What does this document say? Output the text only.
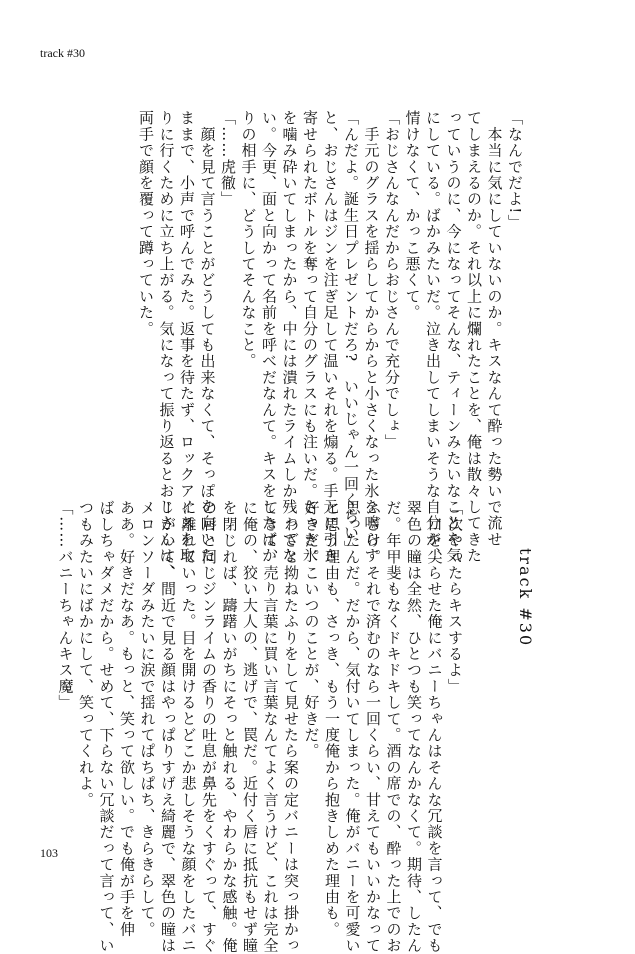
track #30
「なんでだよ!」
　本当に気にしていないのか。キスなんて酔った勢いで流せ
てしまえるのか。それ以上に爛れたことを、俺は散々してきた
っていうのに、今になってそんな、ティーンみたいなことを気
にしている。ばかみたいだ。泣き出してしまいそうな自分が、
情けなくて、かっこ悪くて。
「おじさんなんだからおじさんで充分でしょ」
　手元のグラスを揺らしてからからと小さくなった氷を鳴らす
「んだよ。誕生日プレゼントだろ?　いいじゃん一回くらい」
と、おじさんはジンを注ぎ足して温いそれを煽る。手元に引き
寄せられたボトルを奪って自分のグラスにも注いだ。さっき氷
を噛み砕いてしまったから、中には潰れたライムしか残ってな
い。今更、面と向かって名前を呼べだなんて。キスをしたばか
りの相手に、どうしてそんなこと。
「……虎徹」
　顔を見て言うことがどうしても出来なくて、そっぽを向いた
ままで、小声で呼んでみた。返事を待たず、ロックアイスを取
りに行くために立ち上がる。気になって振り返るとおじさんは、
両手で顔を覆って蹲っていた。
track #30
「次やったらキスするよ」
　口を尖らせた俺にバニーちゃんはそんな冗談を言って、でも
翠色の瞳は全然、ひとつも笑ってなんかなくて。期待、したん
だ。年甲斐もなくドキドキして。酒の席での、酔った上でのお
ふざけ。それで済むのなら一回くらい、甘えてもいいかなって
思ったんだ。だから、気付いてしまった。俺がバニーを可愛い
と思う理由も、さっき、もう一度俺から抱きしめた理由も。
好きだ。こいつのことが、好きだ。
　わざと拗ねたふりをして見せたら案の定バニーは突っ掛かっ
てきて、売り言葉に買い言葉なんてよく言うけど、これは完全
に俺の、狡い大人の、逃げで、罠だ。近付く唇に抵抗もせず瞳
を閉じれば、躊躇いがちにそっと触れる、やわらかな感触。俺
の唇と同じジンライムの香りの吐息が鼻先をくすぐって、すぐ
に離れていった。目を開けるとどこか悲しそうな顔をしたバニ
ーがいて、間近で見る顔はやっぱりすげえ綺麗で、翠色の瞳は
メロンソーダみたいに涙で揺れてぱちぱち、きらきらして。
ああ。好きだなあ。もっと、笑って欲しい。でも俺が手を伸
ばしちゃダメだから。せめて、下らない冗談だって言って、い
つもみたいにばかにして、笑ってくれよ。
「……バニーちゃんキス魔」
103
